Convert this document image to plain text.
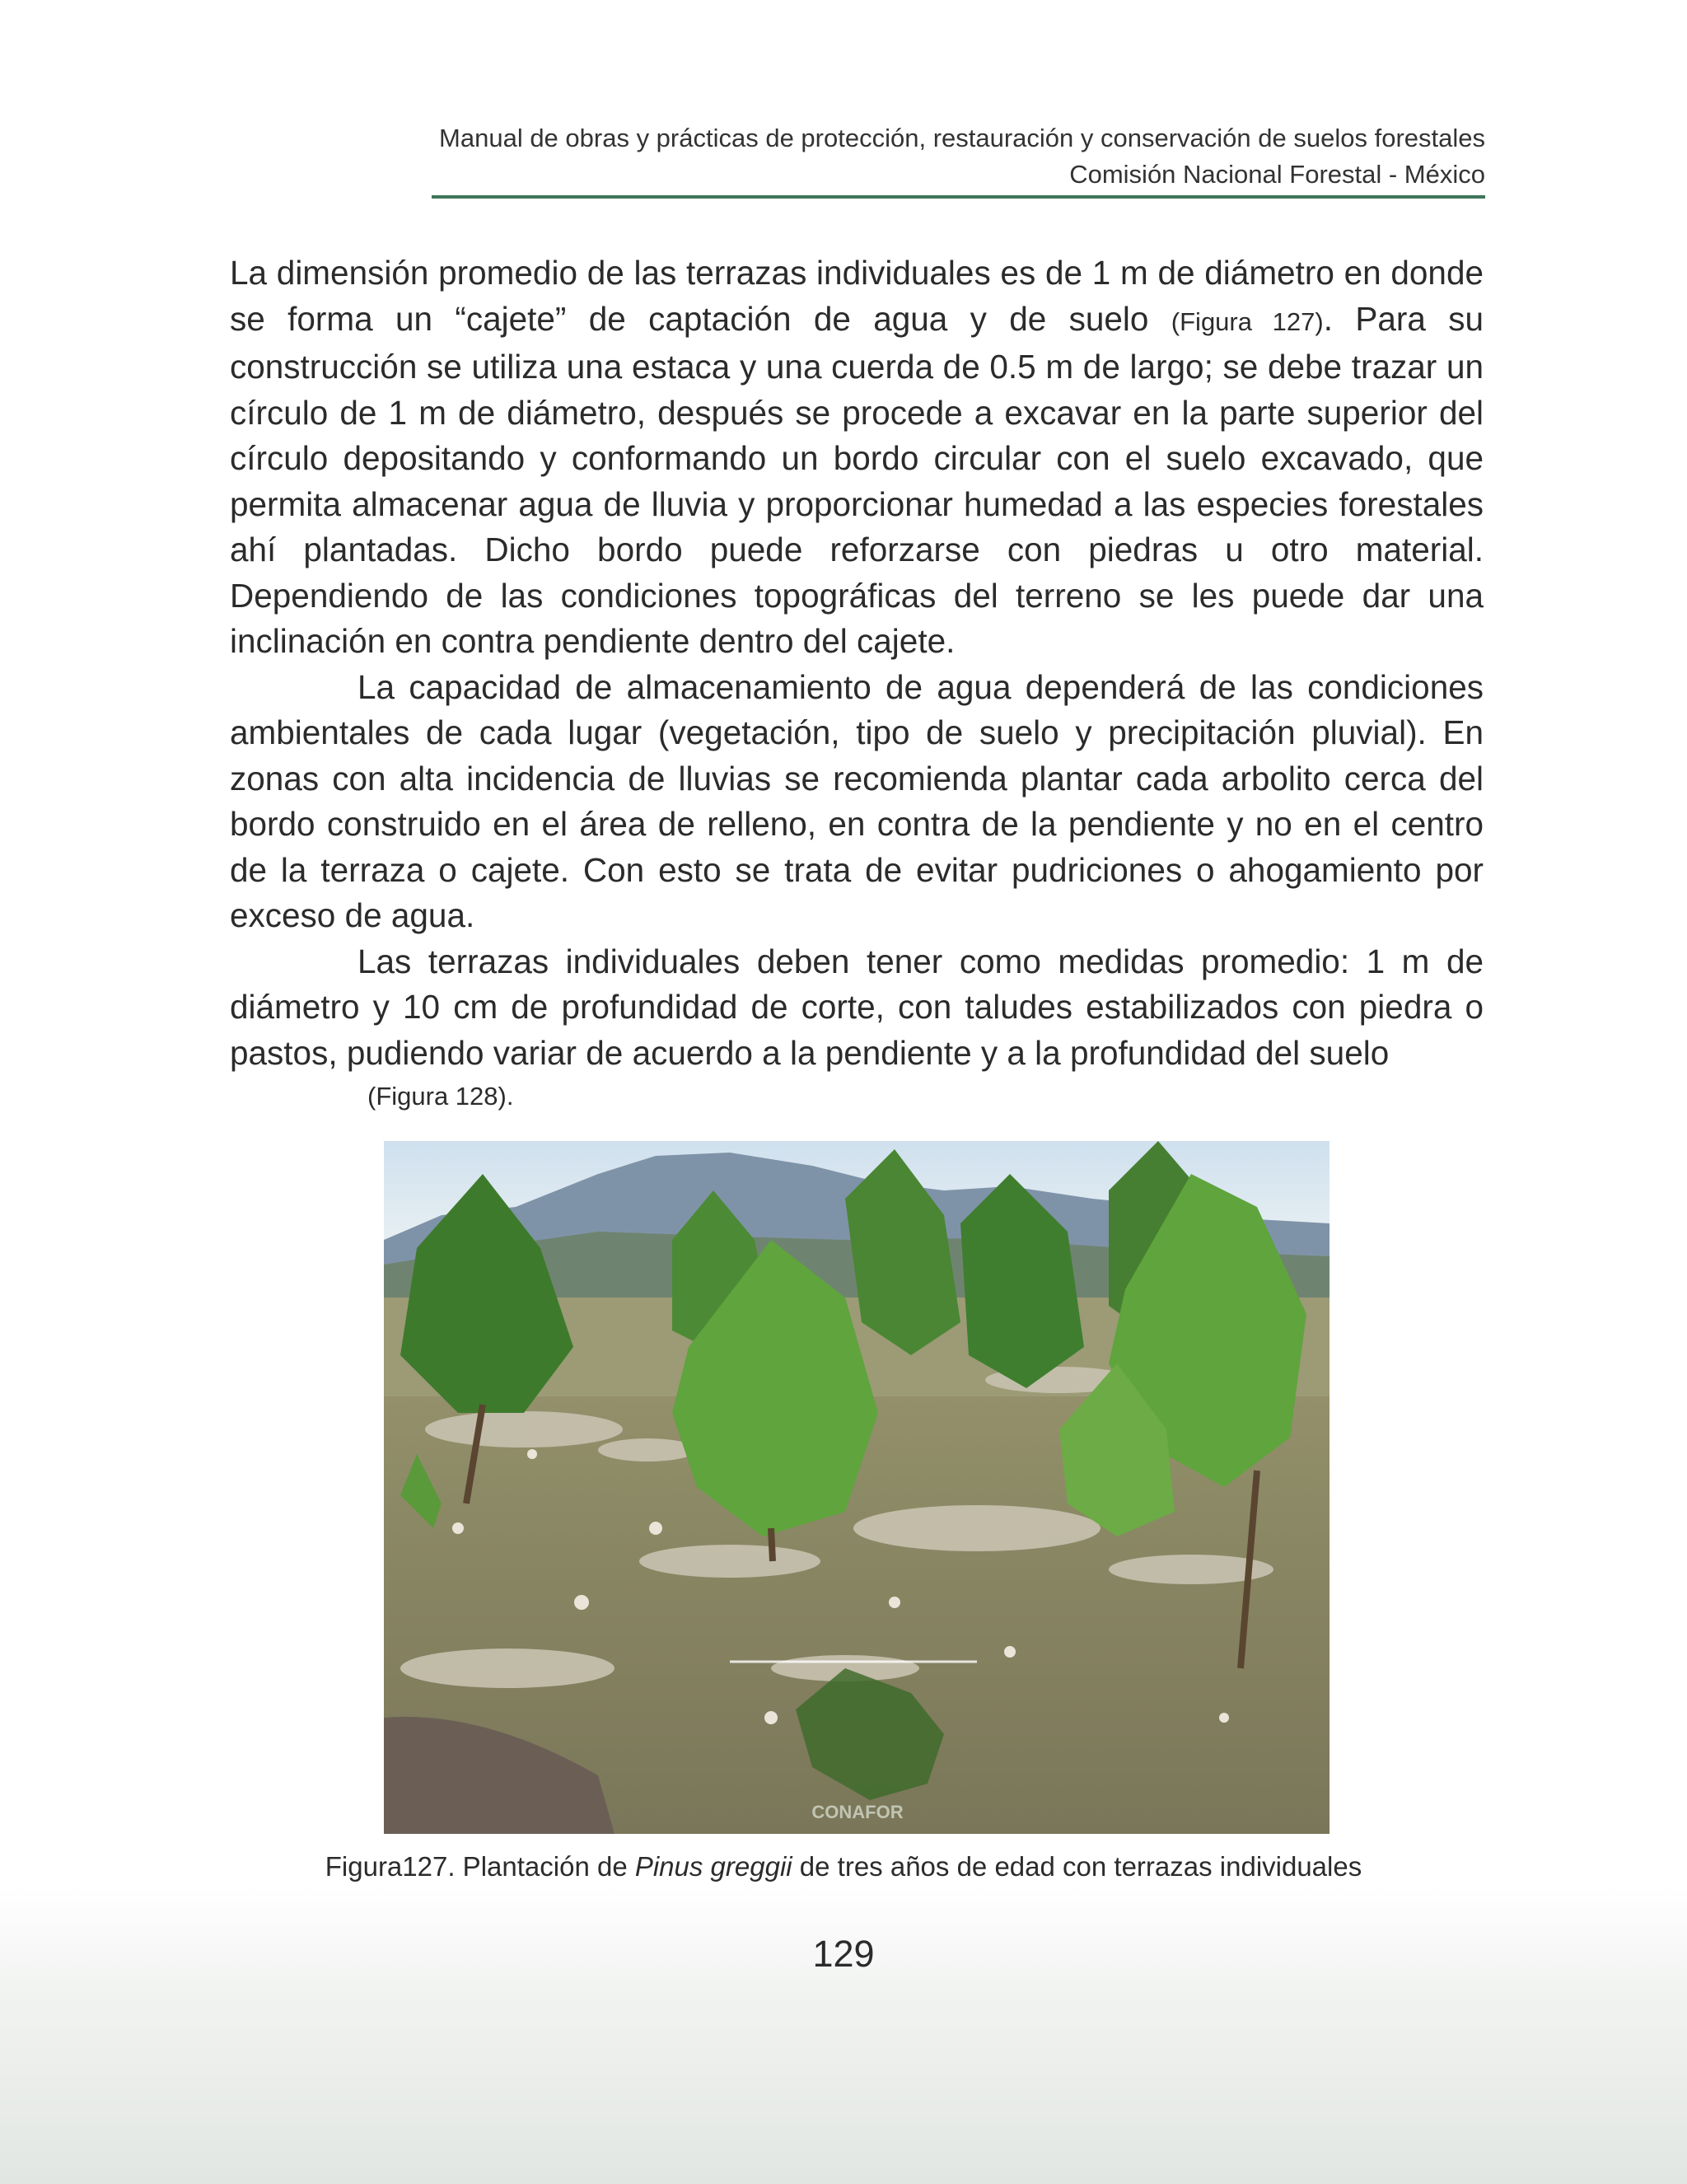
Manual de obras y prácticas de protección, restauración y conservación de suelos forestales
Comisión Nacional Forestal - México

La dimensión promedio de las terrazas individuales es de 1 m de diámetro en donde se forma un “cajete” de captación de agua y de suelo (Figura 127). Para su construcción se utiliza una estaca y una cuerda de 0.5 m de largo; se debe trazar un círculo de 1 m de diámetro, después se procede a excavar en la parte superior del círculo depositando y conformando un bordo circular con el suelo excavado, que permita almacenar agua de lluvia y proporcionar humedad a las especies forestales ahí plantadas. Dicho bordo puede reforzarse con piedras u otro material. Dependiendo de las condiciones topográficas del terreno se les puede dar una inclinación en contra pendiente dentro del cajete.

La capacidad de almacenamiento de agua dependerá de las condiciones ambientales de cada lugar (vegetación, tipo de suelo y precipitación pluvial). En zonas con alta incidencia de lluvias se recomienda plantar cada arbolito cerca del bordo construido en el área de relleno, en contra de la pendiente y no en el centro de la terraza o cajete. Con esto se trata de evitar pudriciones o ahogamiento por exceso de agua.

Las terrazas individuales deben tener como medidas promedio: 1 m de diámetro y 10 cm de profundidad de corte, con taludes estabilizados con piedra o pastos, pudiendo variar de acuerdo a la pendiente y a la profundidad del suelo
(Figura 128).

CONAFOR
Figura127. Plantación de Pinus greggii de tres años de edad con terrazas individuales
129
